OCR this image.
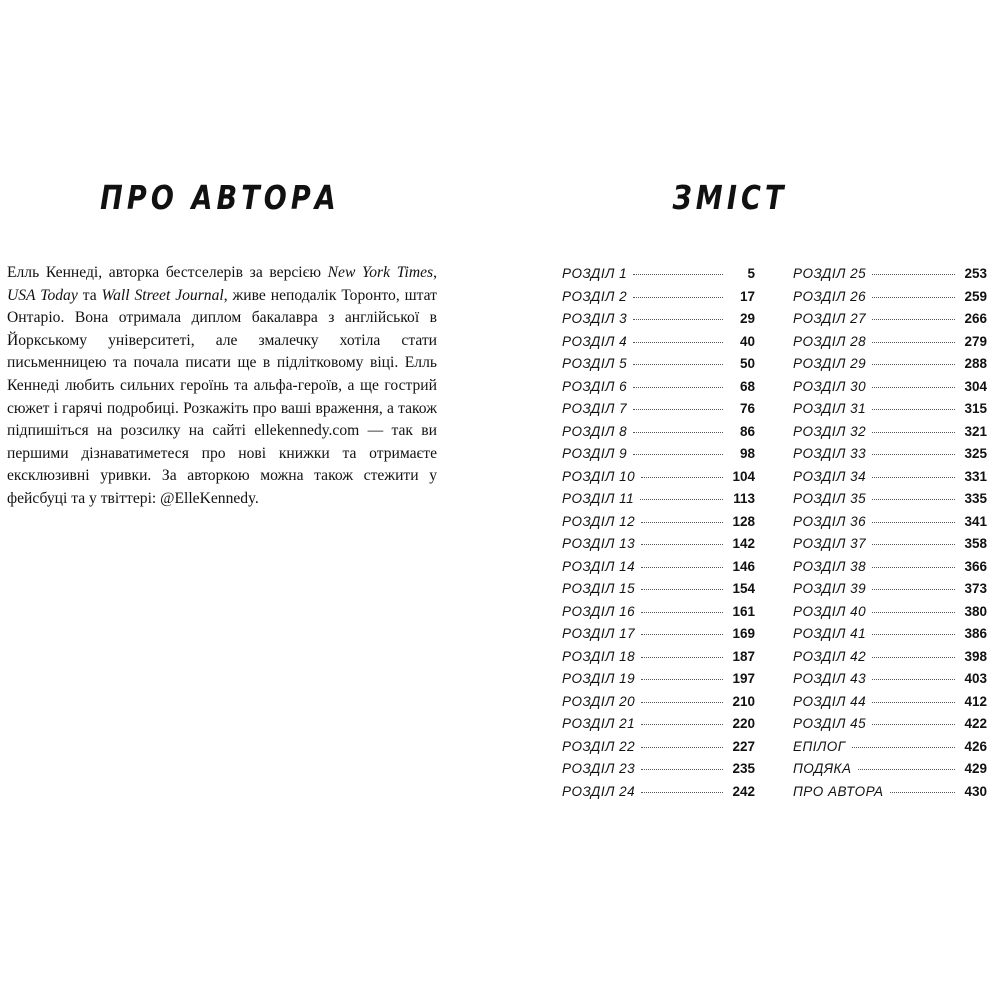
ПРО АВТОРА
Елль Кеннеді, авторка бестселерів за версією New York Times, USA Today та Wall Street Journal, живе неподалік Торонто, штат Онтаріо. Вона отримала диплом бакалавра з англійської в Йоркському університеті, але змалечку хотіла стати письменницею та почала писати ще в підлітковому віці. Елль Кеннеді любить сильних героїнь та альфа-героїв, а ще гострий сюжет і гарячі подробиці. Розкажіть про ваші враження, а також підпишіться на розсилку на сайті ellekennedy.com — так ви першими дізнаватиметеся про нові книжки та отримаєте ексклюзивні уривки. За авторкою можна також стежити у фейсбуці та у твіттері: @ElleKennedy.
ЗМІСТ
РОЗДІЛ 1	5
РОЗДІЛ 2	17
РОЗДІЛ 3	29
РОЗДІЛ 4	40
РОЗДІЛ 5	50
РОЗДІЛ 6	68
РОЗДІЛ 7	76
РОЗДІЛ 8	86
РОЗДІЛ 9	98
РОЗДІЛ 10	104
РОЗДІЛ 11	113
РОЗДІЛ 12	128
РОЗДІЛ 13	142
РОЗДІЛ 14	146
РОЗДІЛ 15	154
РОЗДІЛ 16	161
РОЗДІЛ 17	169
РОЗДІЛ 18	187
РОЗДІЛ 19	197
РОЗДІЛ 20	210
РОЗДІЛ 21	220
РОЗДІЛ 22	227
РОЗДІЛ 23	235
РОЗДІЛ 24	242
РОЗДІЛ 25	253
РОЗДІЛ 26	259
РОЗДІЛ 27	266
РОЗДІЛ 28	279
РОЗДІЛ 29	288
РОЗДІЛ 30	304
РОЗДІЛ 31	315
РОЗДІЛ 32	321
РОЗДІЛ 33	325
РОЗДІЛ 34	331
РОЗДІЛ 35	335
РОЗДІЛ 36	341
РОЗДІЛ 37	358
РОЗДІЛ 38	366
РОЗДІЛ 39	373
РОЗДІЛ 40	380
РОЗДІЛ 41	386
РОЗДІЛ 42	398
РОЗДІЛ 43	403
РОЗДІЛ 44	412
РОЗДІЛ 45	422
ЕПІЛОГ	426
ПОДЯКА	429
ПРО АВТОРА	430
